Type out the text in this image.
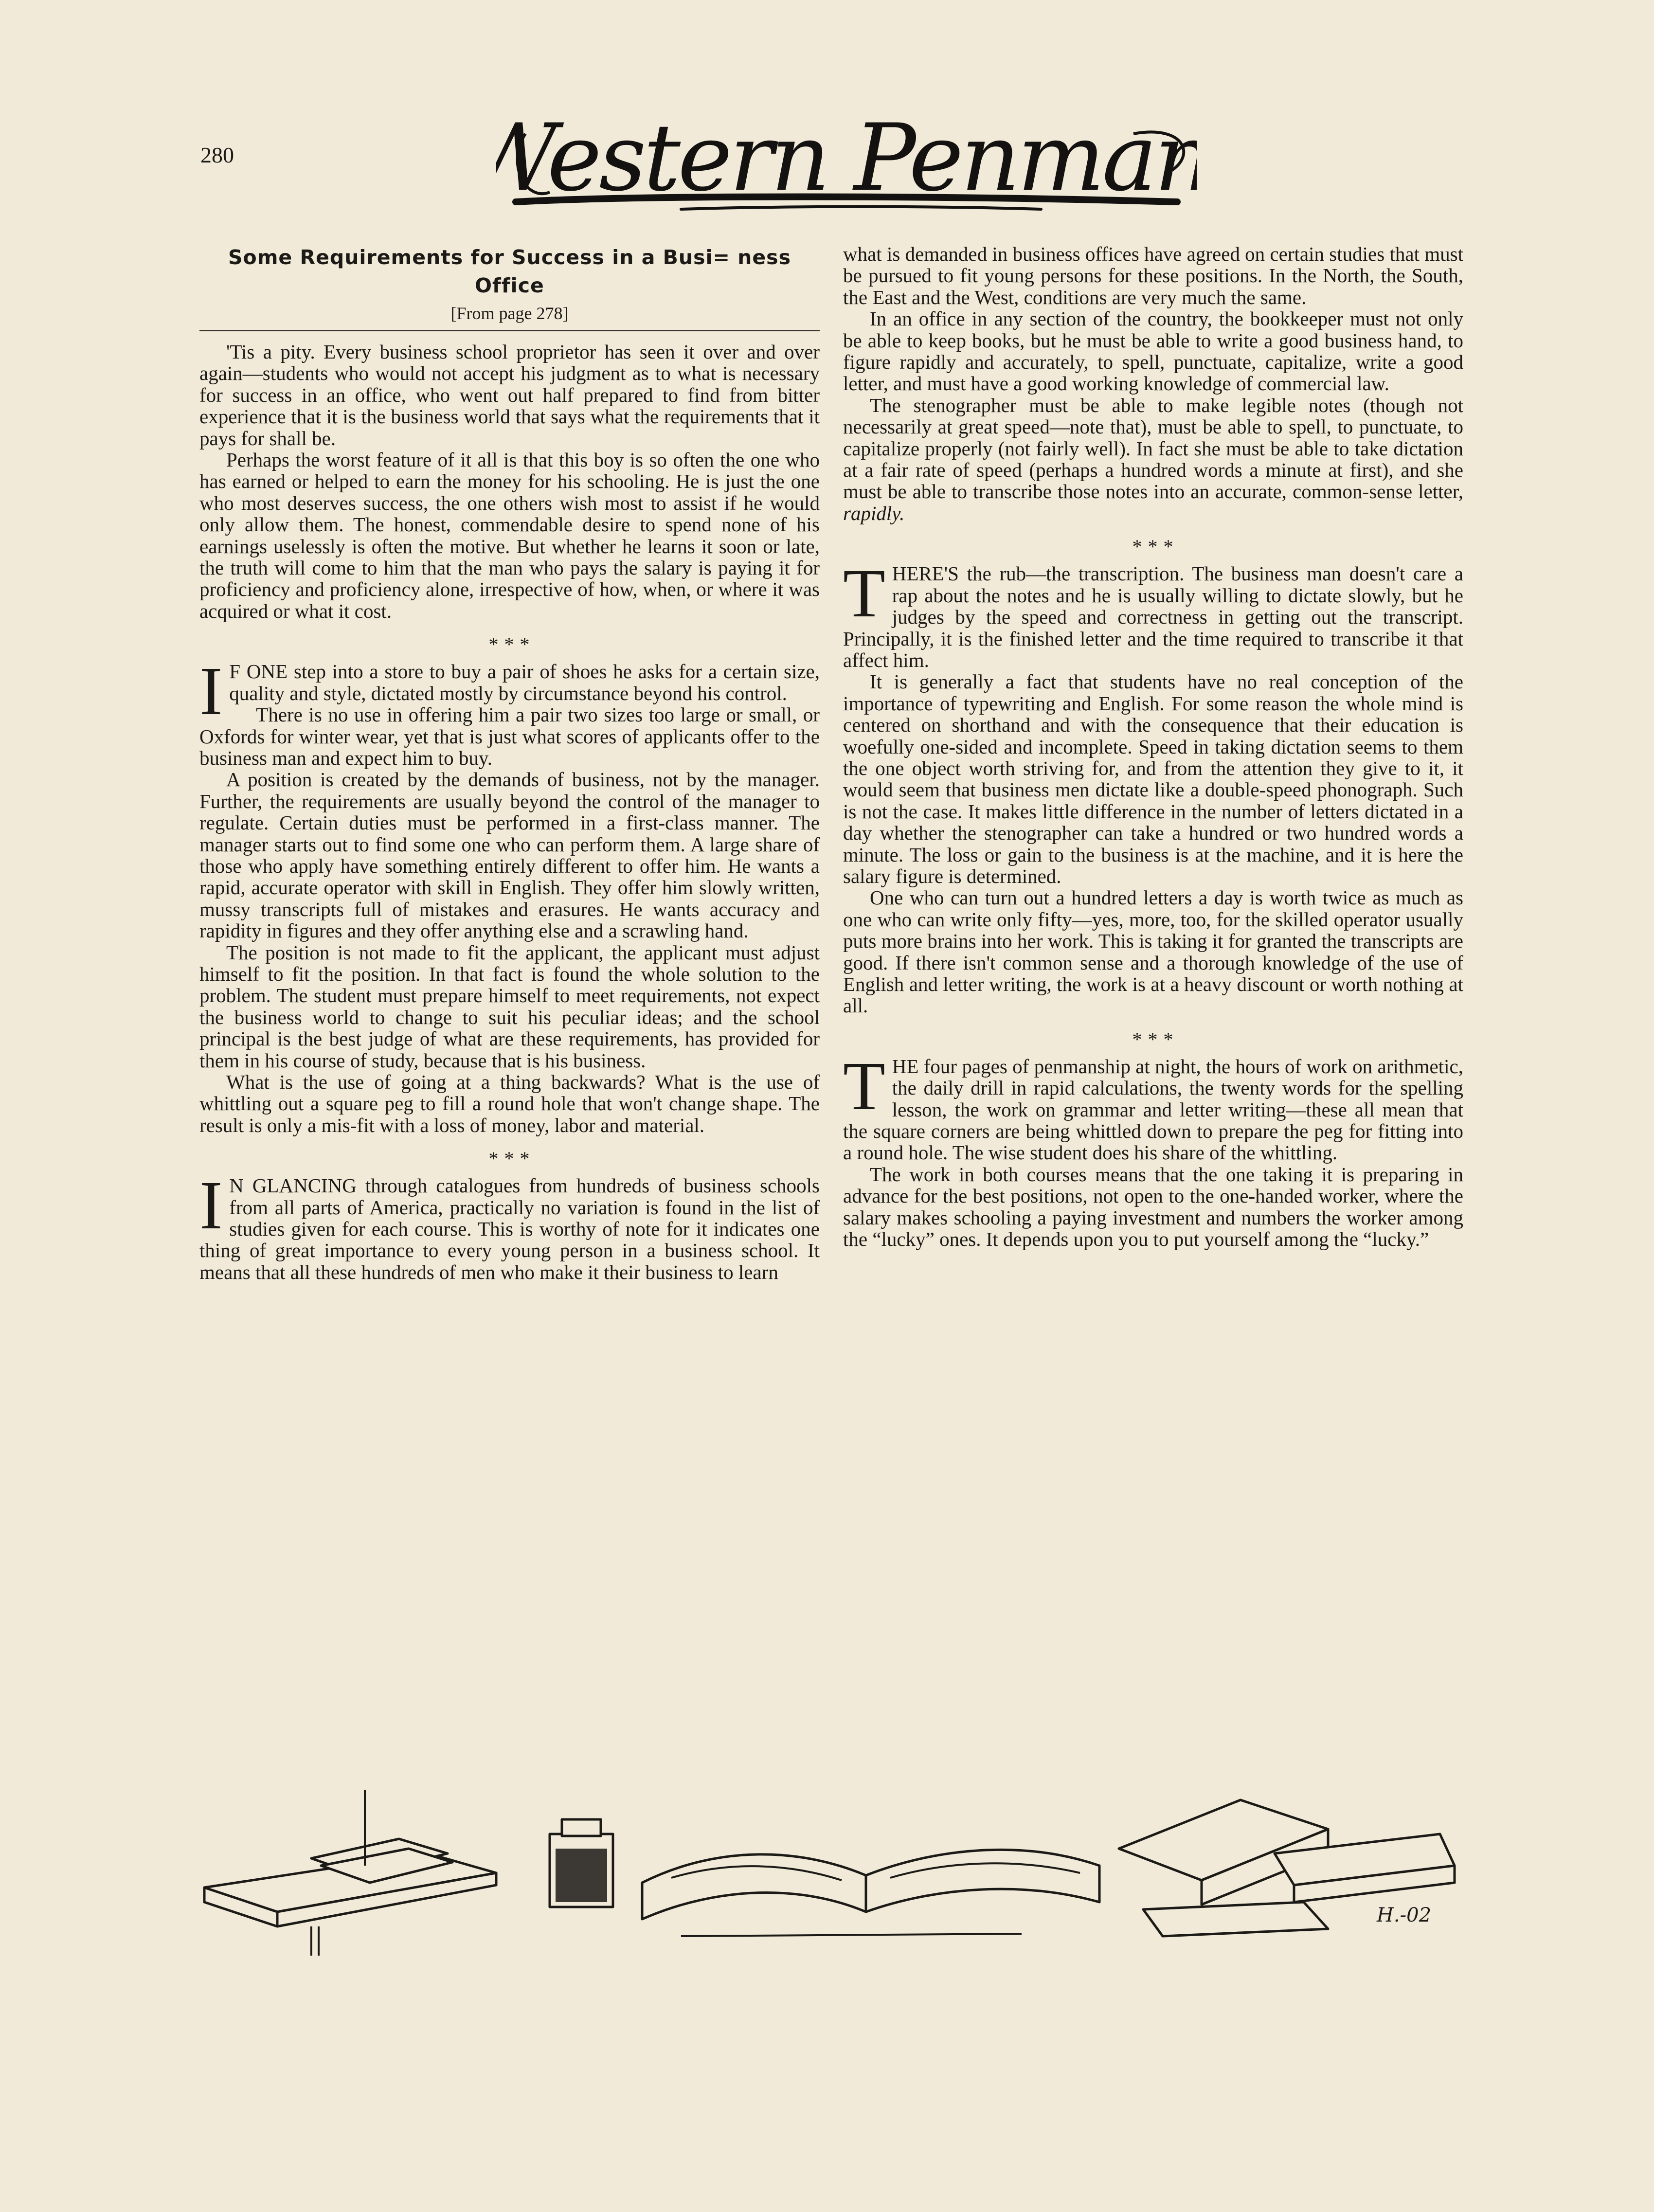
280 Western Penman
Some Requirements for Success in a Busi= ness Office
[From page 278]

'Tis a pity. Every business school proprietor has seen it over and over again—students who would not accept his judgment as to what is necessary for success in an office, who went out half prepared to find from bitter experience that it is the business world that says what the requirements that it pays for shall be.

Perhaps the worst feature of it all is that this boy is so often the one who has earned or helped to earn the money for his schooling. He is just the one who most deserves success, the one others wish most to assist if he would only allow them. The honest, commendable desire to spend none of his earnings uselessly is often the motive. But whether he learns it soon or late, the truth will come to him that the man who pays the salary is paying it for proficiency and proficiency alone, irrespective of how, when, or where it was acquired or what it cost.

* * *

I F ONE step into a store to buy a pair of shoes he asks for a certain size, quality and style, dictated mostly by circumstance beyond his control.

There is no use in offering him a pair two sizes too large or small, or Oxfords for winter wear, yet that is just what scores of applicants offer to the business man and expect him to buy.

A position is created by the demands of business, not by the manager. Further, the requirements are usually beyond the control of the manager to regulate. Certain duties must be performed in a first-class manner. The manager starts out to find some one who can perform them. A large share of those who apply have something entirely different to offer him. He wants a rapid, accurate operator with skill in English. They offer him slowly written, mussy transcripts full of mistakes and erasures. He wants accuracy and rapidity in figures and they offer anything else and a scrawling hand.

The position is not made to fit the applicant, the applicant must adjust himself to fit the position. In that fact is found the whole solution to the problem. The student must prepare himself to meet requirements, not expect the business world to change to suit his peculiar ideas; and the school principal is the best judge of what are these requirements, has provided for them in his course of study, because that is his business.

What is the use of going at a thing backwards? What is the use of whittling out a square peg to fill a round hole that won't change shape. The result is only a mis-fit with a loss of money, labor and material.

* * *

I N GLANCING through catalogues from hundreds of business schools from all parts of America, practically no variation is found in the list of studies given for each course. This is worthy of note for it indicates one thing of great importance to every young person in a business school. It means that all these hundreds of men who make it their business to learn

what is demanded in business offices have agreed on certain studies that must be pursued to fit young persons for these positions. In the North, the South, the East and the West, conditions are very much the same.

In an office in any section of the country, the bookkeeper must not only be able to keep books, but he must be able to write a good business hand, to figure rapidly and accurately, to spell, punctuate, capitalize, write a good letter, and must have a good working knowledge of commercial law.

The stenographer must be able to make legible notes (though not necessarily at great speed—note that), must be able to spell, to punctuate, to capitalize properly (not fairly well). In fact she must be able to take dictation at a fair rate of speed (perhaps a hundred words a minute at first), and she must be able to transcribe those notes into an accurate, common-sense letter, rapidly.

* * *

THERE'S the rub—the transcription. The business man doesn't care a rap about the notes and he is usually willing to dictate slowly, but he judges by the speed and correctness in getting out the transcript. Principally, it is the finished letter and the time required to transcribe it that affect him.

It is generally a fact that students have no real conception of the importance of typewriting and English. For some reason the whole mind is centered on shorthand and with the consequence that their education is woefully one-sided and incomplete. Speed in taking dictation seems to them the one object worth striving for, and from the attention they give to it, it would seem that business men dictate like a double-speed phonograph. Such is not the case. It makes little difference in the number of letters dictated in a day whether the stenographer can take a hundred or two hundred words a minute. The loss or gain to the business is at the machine, and it is here the salary figure is determined.

One who can turn out a hundred letters a day is worth twice as much as one who can write only fifty—yes, more, too, for the skilled operator usually puts more brains into her work. This is taking it for granted the transcripts are good. If there isn't common sense and a thorough knowledge of the use of English and letter writing, the work is at a heavy discount or worth nothing at all.

* * *

THE four pages of penmanship at night, the hours of work on arithmetic, the daily drill in rapid calculations, the twenty words for the spelling lesson, the work on grammar and letter writing—these all mean that the square corners are being whittled down to prepare the peg for fitting into a round hole. The wise student does his share of the whittling.

The work in both courses means that the one taking it is preparing in advance for the best positions, not open to the one-handed worker, where the salary makes schooling a paying investment and numbers the worker among the “lucky” ones. It depends upon you to put yourself among the “lucky.”

H.-02
